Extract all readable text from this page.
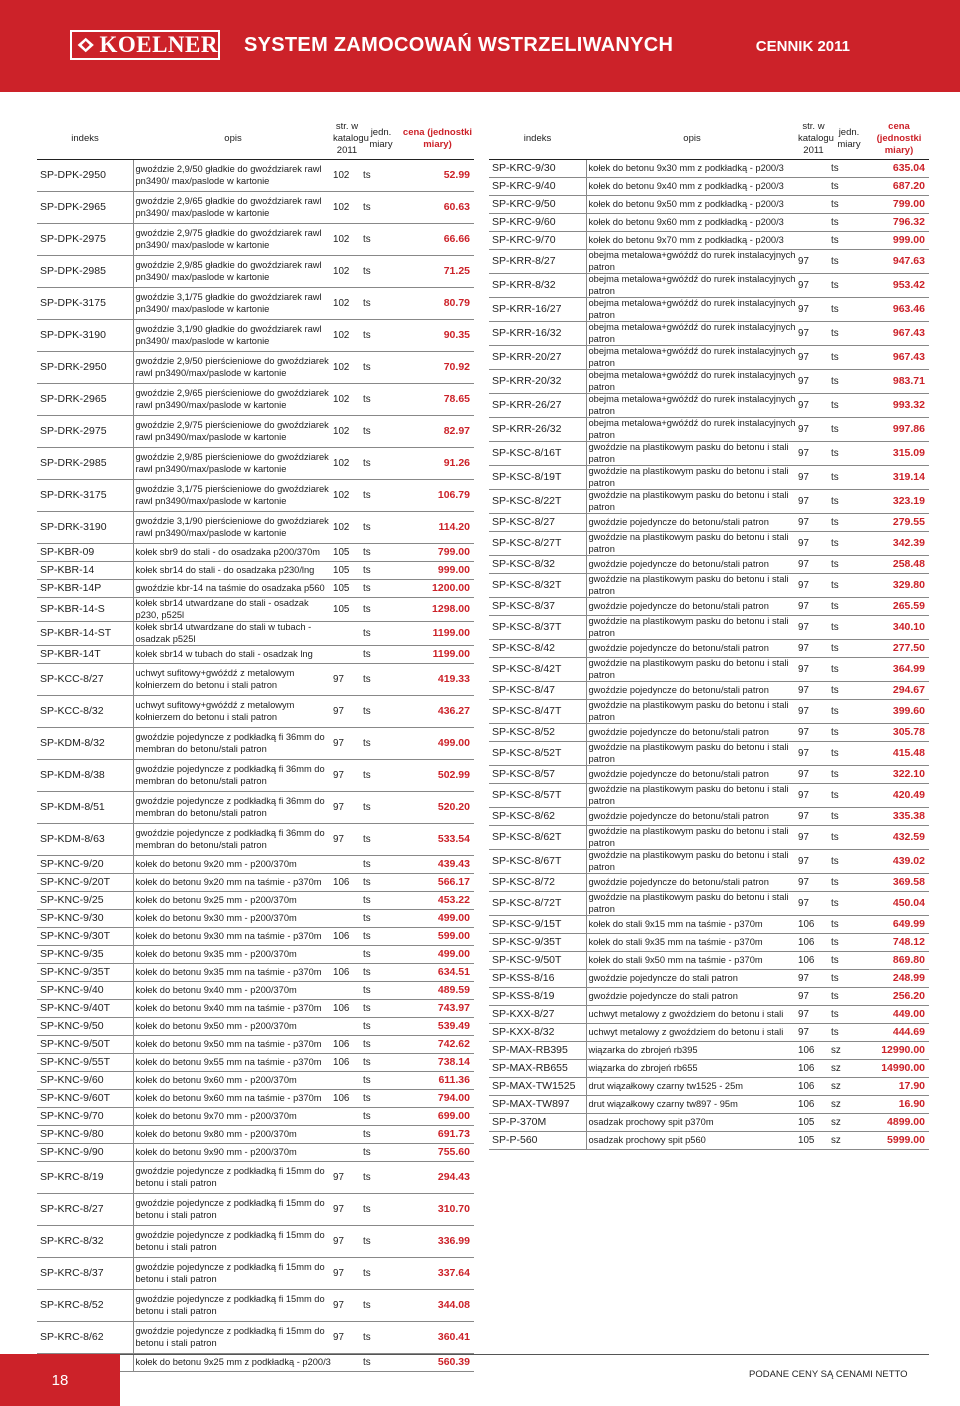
KOELNER SYSTEM ZAMOCOWAŃ WSTRZELIWANYCH	CENNIK 2011
indeks	opis	str. w katalogu 2011	jedn. miary	cena (jednostki miary)
SP-DPK-2950	gwoździe 2,9/50 gładkie do gwoździarek rawl pn3490/ max/paslode w kartonie	102	ts	52.99
SP-DPK-2965	gwoździe 2,9/65 gładkie do gwoździarek rawl pn3490/ max/paslode w kartonie	102	ts	60.63
SP-DPK-2975	gwoździe 2,9/75 gładkie do gwoździarek rawl pn3490/ max/paslode w kartonie	102	ts	66.66
SP-DPK-2985	gwoździe 2,9/85 gładkie do gwoździarek rawl pn3490/ max/paslode w kartonie	102	ts	71.25
SP-DPK-3175	gwoździe 3,1/75 gładkie do gwoździarek rawl pn3490/ max/paslode w kartonie	102	ts	80.79
SP-DPK-3190	gwoździe 3,1/90 gładkie do gwoździarek rawl pn3490/ max/paslode w kartonie	102	ts	90.35
SP-DRK-2950	gwoździe 2,9/50 pierścieniowe do gwoździarek rawl pn3490/max/paslode w kartonie	102	ts	70.92
SP-DRK-2965	gwoździe 2,9/65 pierścieniowe do gwoździarek rawl pn3490/max/paslode w kartonie	102	ts	78.65
SP-DRK-2975	gwoździe 2,9/75 pierścieniowe do gwoździarek rawl pn3490/max/paslode w kartonie	102	ts	82.97
SP-DRK-2985	gwoździe 2,9/85 pierścieniowe do gwoździarek rawl pn3490/max/paslode w kartonie	102	ts	91.26
SP-DRK-3175	gwoździe 3,1/75 pierścieniowe do gwoździarek rawl pn3490/max/paslode w kartonie	102	ts	106.79
SP-DRK-3190	gwoździe 3,1/90 pierścieniowe do gwoździarek rawl pn3490/max/paslode w kartonie	102	ts	114.20
SP-KBR-09	kołek sbr9 do stali - do osadzaka p200/370m	105	ts	799.00
SP-KBR-14	kołek sbr14 do stali - do osadzaka p230/lng	105	ts	999.00
SP-KBR-14P	gwoździe kbr-14 na taśmie do osadzaka p560	105	ts	1200.00
SP-KBR-14-S	kołek sbr14 utwardzane do stali - osadzak p230, p525l	105	ts	1298.00
SP-KBR-14-ST	kołek sbr14 utwardzane do stali w tubach - osadzak p525l		ts	1199.00
SP-KBR-14T	kołek sbr14 w tubach do stali - osadzak lng		ts	1199.00
SP-KCC-8/27	uchwyt sufitowy+gwóźdź z metalowym kołnierzem do betonu i stali patron	97	ts	419.33
SP-KCC-8/32	uchwyt sufitowy+gwóźdź z metalowym kołnierzem do betonu i stali patron	97	ts	436.27
SP-KDM-8/32	gwoździe pojedyncze z podkładką fi 36mm do membran do betonu/stali patron	97	ts	499.00
SP-KDM-8/38	gwoździe pojedyncze z podkładką fi 36mm do membran do betonu/stali patron	97	ts	502.99
SP-KDM-8/51	gwoździe pojedyncze z podkładką fi 36mm do membran do betonu/stali patron	97	ts	520.20
SP-KDM-8/63	gwoździe pojedyncze z podkładką fi 36mm do membran do betonu/stali patron	97	ts	533.54
SP-KNC-9/20	kołek do betonu 9x20 mm - p200/370m		ts	439.43
SP-KNC-9/20T	kołek do betonu 9x20 mm na taśmie - p370m	106	ts	566.17
SP-KNC-9/25	kołek do betonu 9x25 mm - p200/370m		ts	453.22
SP-KNC-9/30	kołek do betonu 9x30 mm - p200/370m		ts	499.00
SP-KNC-9/30T	kołek do betonu 9x30 mm na taśmie - p370m	106	ts	599.00
SP-KNC-9/35	kołek do betonu 9x35 mm - p200/370m		ts	499.00
SP-KNC-9/35T	kołek do betonu 9x35 mm na taśmie - p370m	106	ts	634.51
SP-KNC-9/40	kołek do betonu 9x40 mm - p200/370m		ts	489.59
SP-KNC-9/40T	kołek do betonu 9x40 mm na taśmie - p370m	106	ts	743.97
SP-KNC-9/50	kołek do betonu 9x50 mm - p200/370m		ts	539.49
SP-KNC-9/50T	kołek do betonu 9x50 mm na taśmie - p370m	106	ts	742.62
SP-KNC-9/55T	kołek do betonu 9x55 mm na taśmie - p370m	106	ts	738.14
SP-KNC-9/60	kołek do betonu 9x60 mm - p200/370m		ts	611.36
SP-KNC-9/60T	kołek do betonu 9x60 mm na taśmie - p370m	106	ts	794.00
SP-KNC-9/70	kołek do betonu 9x70 mm - p200/370m		ts	699.00
SP-KNC-9/80	kołek do betonu 9x80 mm - p200/370m		ts	691.73
SP-KNC-9/90	kołek do betonu 9x90 mm - p200/370m		ts	755.60
SP-KRC-8/19	gwoździe pojedyncze z podkładką fi 15mm do betonu i stali patron	97	ts	294.43
SP-KRC-8/27	gwoździe pojedyncze z podkładką fi 15mm do betonu i stali patron	97	ts	310.70
SP-KRC-8/32	gwoździe pojedyncze z podkładką fi 15mm do betonu i stali patron	97	ts	336.99
SP-KRC-8/37	gwoździe pojedyncze z podkładką fi 15mm do betonu i stali patron	97	ts	337.64
SP-KRC-8/52	gwoździe pojedyncze z podkładką fi 15mm do betonu i stali patron	97	ts	344.08
SP-KRC-8/62	gwoździe pojedyncze z podkładką fi 15mm do betonu i stali patron	97	ts	360.41
	kołek do betonu 9x25 mm z podkładką - p200/3		ts	560.39
indeks	opis	str. w katalogu 2011	jedn. miary	cena (jednostki miary)
SP-KRC-9/30	kołek do betonu 9x30 mm z podkładką - p200/3		ts	635.04
SP-KRC-9/40	kołek do betonu 9x40 mm z podkładką - p200/3		ts	687.20
SP-KRC-9/50	kołek do betonu 9x50 mm z podkładką - p200/3		ts	799.00
SP-KRC-9/60	kołek do betonu 9x60 mm z podkładką - p200/3		ts	796.32
SP-KRC-9/70	kołek do betonu 9x70 mm z podkładką - p200/3		ts	999.00
SP-KRR-8/27	obejma metalowa+gwóźdź do rurek instalacyjnych patron	97	ts	947.63
SP-KRR-8/32	obejma metalowa+gwóźdź do rurek instalacyjnych patron	97	ts	953.42
SP-KRR-16/27	obejma metalowa+gwóźdź do rurek instalacyjnych patron	97	ts	963.46
SP-KRR-16/32	obejma metalowa+gwóźdź do rurek instalacyjnych patron	97	ts	967.43
SP-KRR-20/27	obejma metalowa+gwóźdź do rurek instalacyjnych patron	97	ts	967.43
SP-KRR-20/32	obejma metalowa+gwóźdź do rurek instalacyjnych patron	97	ts	983.71
SP-KRR-26/27	obejma metalowa+gwóźdź do rurek instalacyjnych patron	97	ts	993.32
SP-KRR-26/32	obejma metalowa+gwóźdź do rurek instalacyjnych patron	97	ts	997.86
SP-KSC-8/16T	gwoździe na plastikowym pasku do betonu i stali patron	97	ts	315.09
SP-KSC-8/19T	gwoździe na plastikowym pasku do betonu i stali patron	97	ts	319.14
SP-KSC-8/22T	gwoździe na plastikowym pasku do betonu i stali patron	97	ts	323.19
SP-KSC-8/27	gwoździe pojedyncze do betonu/stali patron	97	ts	279.55
SP-KSC-8/27T	gwoździe na plastikowym pasku do betonu i stali patron	97	ts	342.39
SP-KSC-8/32	gwoździe pojedyncze do betonu/stali patron	97	ts	258.48
SP-KSC-8/32T	gwoździe na plastikowym pasku do betonu i stali patron	97	ts	329.80
SP-KSC-8/37	gwoździe pojedyncze do betonu/stali patron	97	ts	265.59
SP-KSC-8/37T	gwoździe na plastikowym pasku do betonu i stali patron	97	ts	340.10
SP-KSC-8/42	gwoździe pojedyncze do betonu/stali patron	97	ts	277.50
SP-KSC-8/42T	gwoździe na plastikowym pasku do betonu i stali patron	97	ts	364.99
SP-KSC-8/47	gwoździe pojedyncze do betonu/stali patron	97	ts	294.67
SP-KSC-8/47T	gwoździe na plastikowym pasku do betonu i stali patron	97	ts	399.60
SP-KSC-8/52	gwoździe pojedyncze do betonu/stali patron	97	ts	305.78
SP-KSC-8/52T	gwoździe na plastikowym pasku do betonu i stali patron	97	ts	415.48
SP-KSC-8/57	gwoździe pojedyncze do betonu/stali patron	97	ts	322.10
SP-KSC-8/57T	gwoździe na plastikowym pasku do betonu i stali patron	97	ts	420.49
SP-KSC-8/62	gwoździe pojedyncze do betonu/stali patron	97	ts	335.38
SP-KSC-8/62T	gwoździe na plastikowym pasku do betonu i stali patron	97	ts	432.59
SP-KSC-8/67T	gwoździe na plastikowym pasku do betonu i stali patron	97	ts	439.02
SP-KSC-8/72	gwoździe pojedyncze do betonu/stali patron	97	ts	369.58
SP-KSC-8/72T	gwoździe na plastikowym pasku do betonu i stali patron	97	ts	450.04
SP-KSC-9/15T	kołek do stali 9x15 mm na taśmie - p370m	106	ts	649.99
SP-KSC-9/35T	kołek do stali 9x35 mm na taśmie - p370m	106	ts	748.12
SP-KSC-9/50T	kołek do stali 9x50 mm na taśmie - p370m	106	ts	869.80
SP-KSS-8/16	gwoździe pojedyncze do stali patron	97	ts	248.99
SP-KSS-8/19	gwoździe pojedyncze do stali patron	97	ts	256.20
SP-KXX-8/27	uchwyt metalowy z gwoździem do betonu i stali	97	ts	449.00
SP-KXX-8/32	uchwyt metalowy z gwoździem do betonu i stali	97	ts	444.69
SP-MAX-RB395	wiązarka do zbrojeń rb395	106	sz	12990.00
SP-MAX-RB655	wiązarka do zbrojeń rb655	106	sz	14990.00
SP-MAX-TW1525	drut wiązałkowy czarny tw1525 - 25m	106	sz	17.90
SP-MAX-TW897	drut wiązałkowy czarny tw897 - 95m	106	sz	16.90
SP-P-370M	osadzak prochowy spit p370m	105	sz	4899.00
SP-P-560	osadzak prochowy spit p560	105	sz	5999.00
18	PODANE CENY SĄ CENAMI NETTO
